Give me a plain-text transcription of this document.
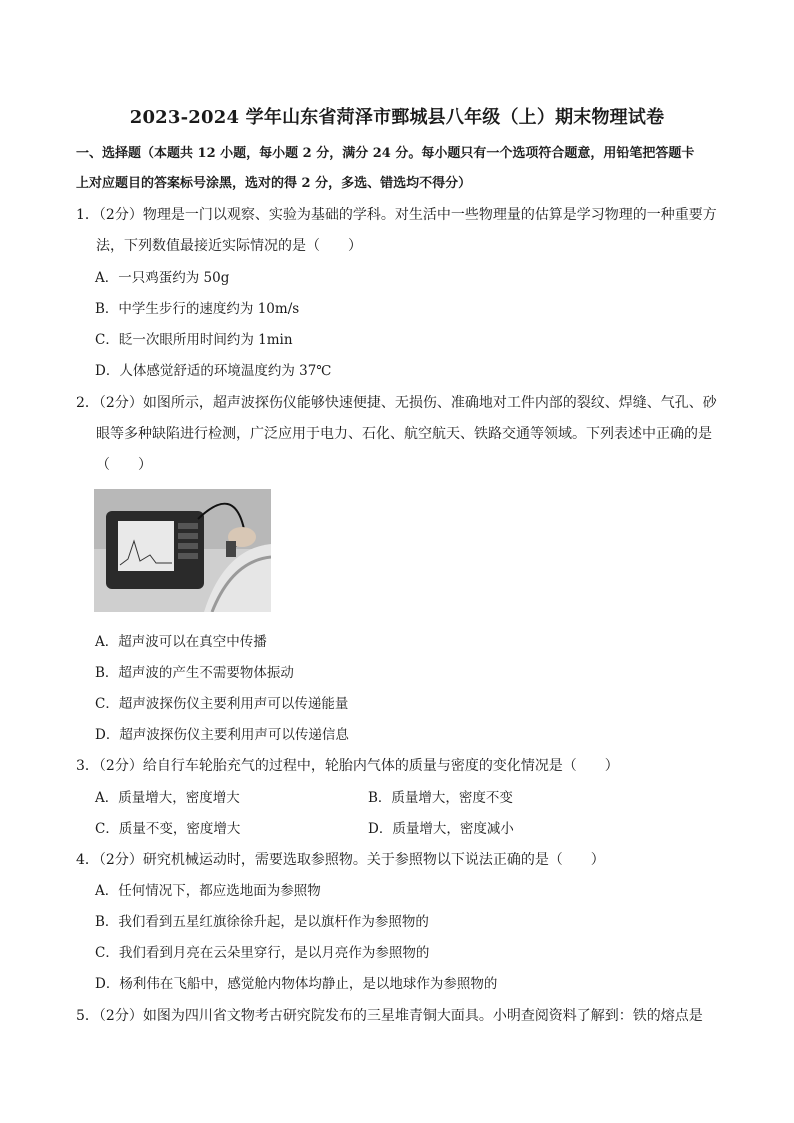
2023-2024 学年山东省菏泽市鄄城县八年级（上）期末物理试卷
一、选择题（本题共 12 小题，每小题 2 分，满分 24 分。每小题只有一个选项符合题意，用铅笔把答题卡
上对应题目的答案标号涂黑，选对的得 2 分，多选、错选均不得分）
1．（2分）物理是一门以观察、实验为基础的学科。对生活中一些物理量的估算是学习物理的一种重要方
法，下列数值最接近实际情况的是（　　）
A．一只鸡蛋约为 50g
B．中学生步行的速度约为 10m/s
C．眨一次眼所用时间约为 1min
D．人体感觉舒适的环境温度约为 37℃
2．（2分）如图所示，超声波探伤仪能够快速便捷、无损伤、准确地对工件内部的裂纹、焊缝、气孔、砂
眼等多种缺陷进行检测，广泛应用于电力、石化、航空航天、铁路交通等领域。下列表述中正确的是
（　　）
A．超声波可以在真空中传播
B．超声波的产生不需要物体振动
C．超声波探伤仪主要利用声可以传递能量
D．超声波探伤仪主要利用声可以传递信息
3．（2分）给自行车轮胎充气的过程中，轮胎内气体的质量与密度的变化情况是（　　）
A．质量增大，密度增大	B．质量增大，密度不变
C．质量不变，密度增大	D．质量增大，密度减小
4．（2分）研究机械运动时，需要选取参照物。关于参照物以下说法正确的是（　　）
A．任何情况下，都应选地面为参照物
B．我们看到五星红旗徐徐升起，是以旗杆作为参照物的
C．我们看到月亮在云朵里穿行，是以月亮作为参照物的
D．杨利伟在飞船中，感觉舱内物体均静止，是以地球作为参照物的
5．（2分）如图为四川省文物考古研究院发布的三星堆青铜大面具。小明查阅资料了解到：铁的熔点是
